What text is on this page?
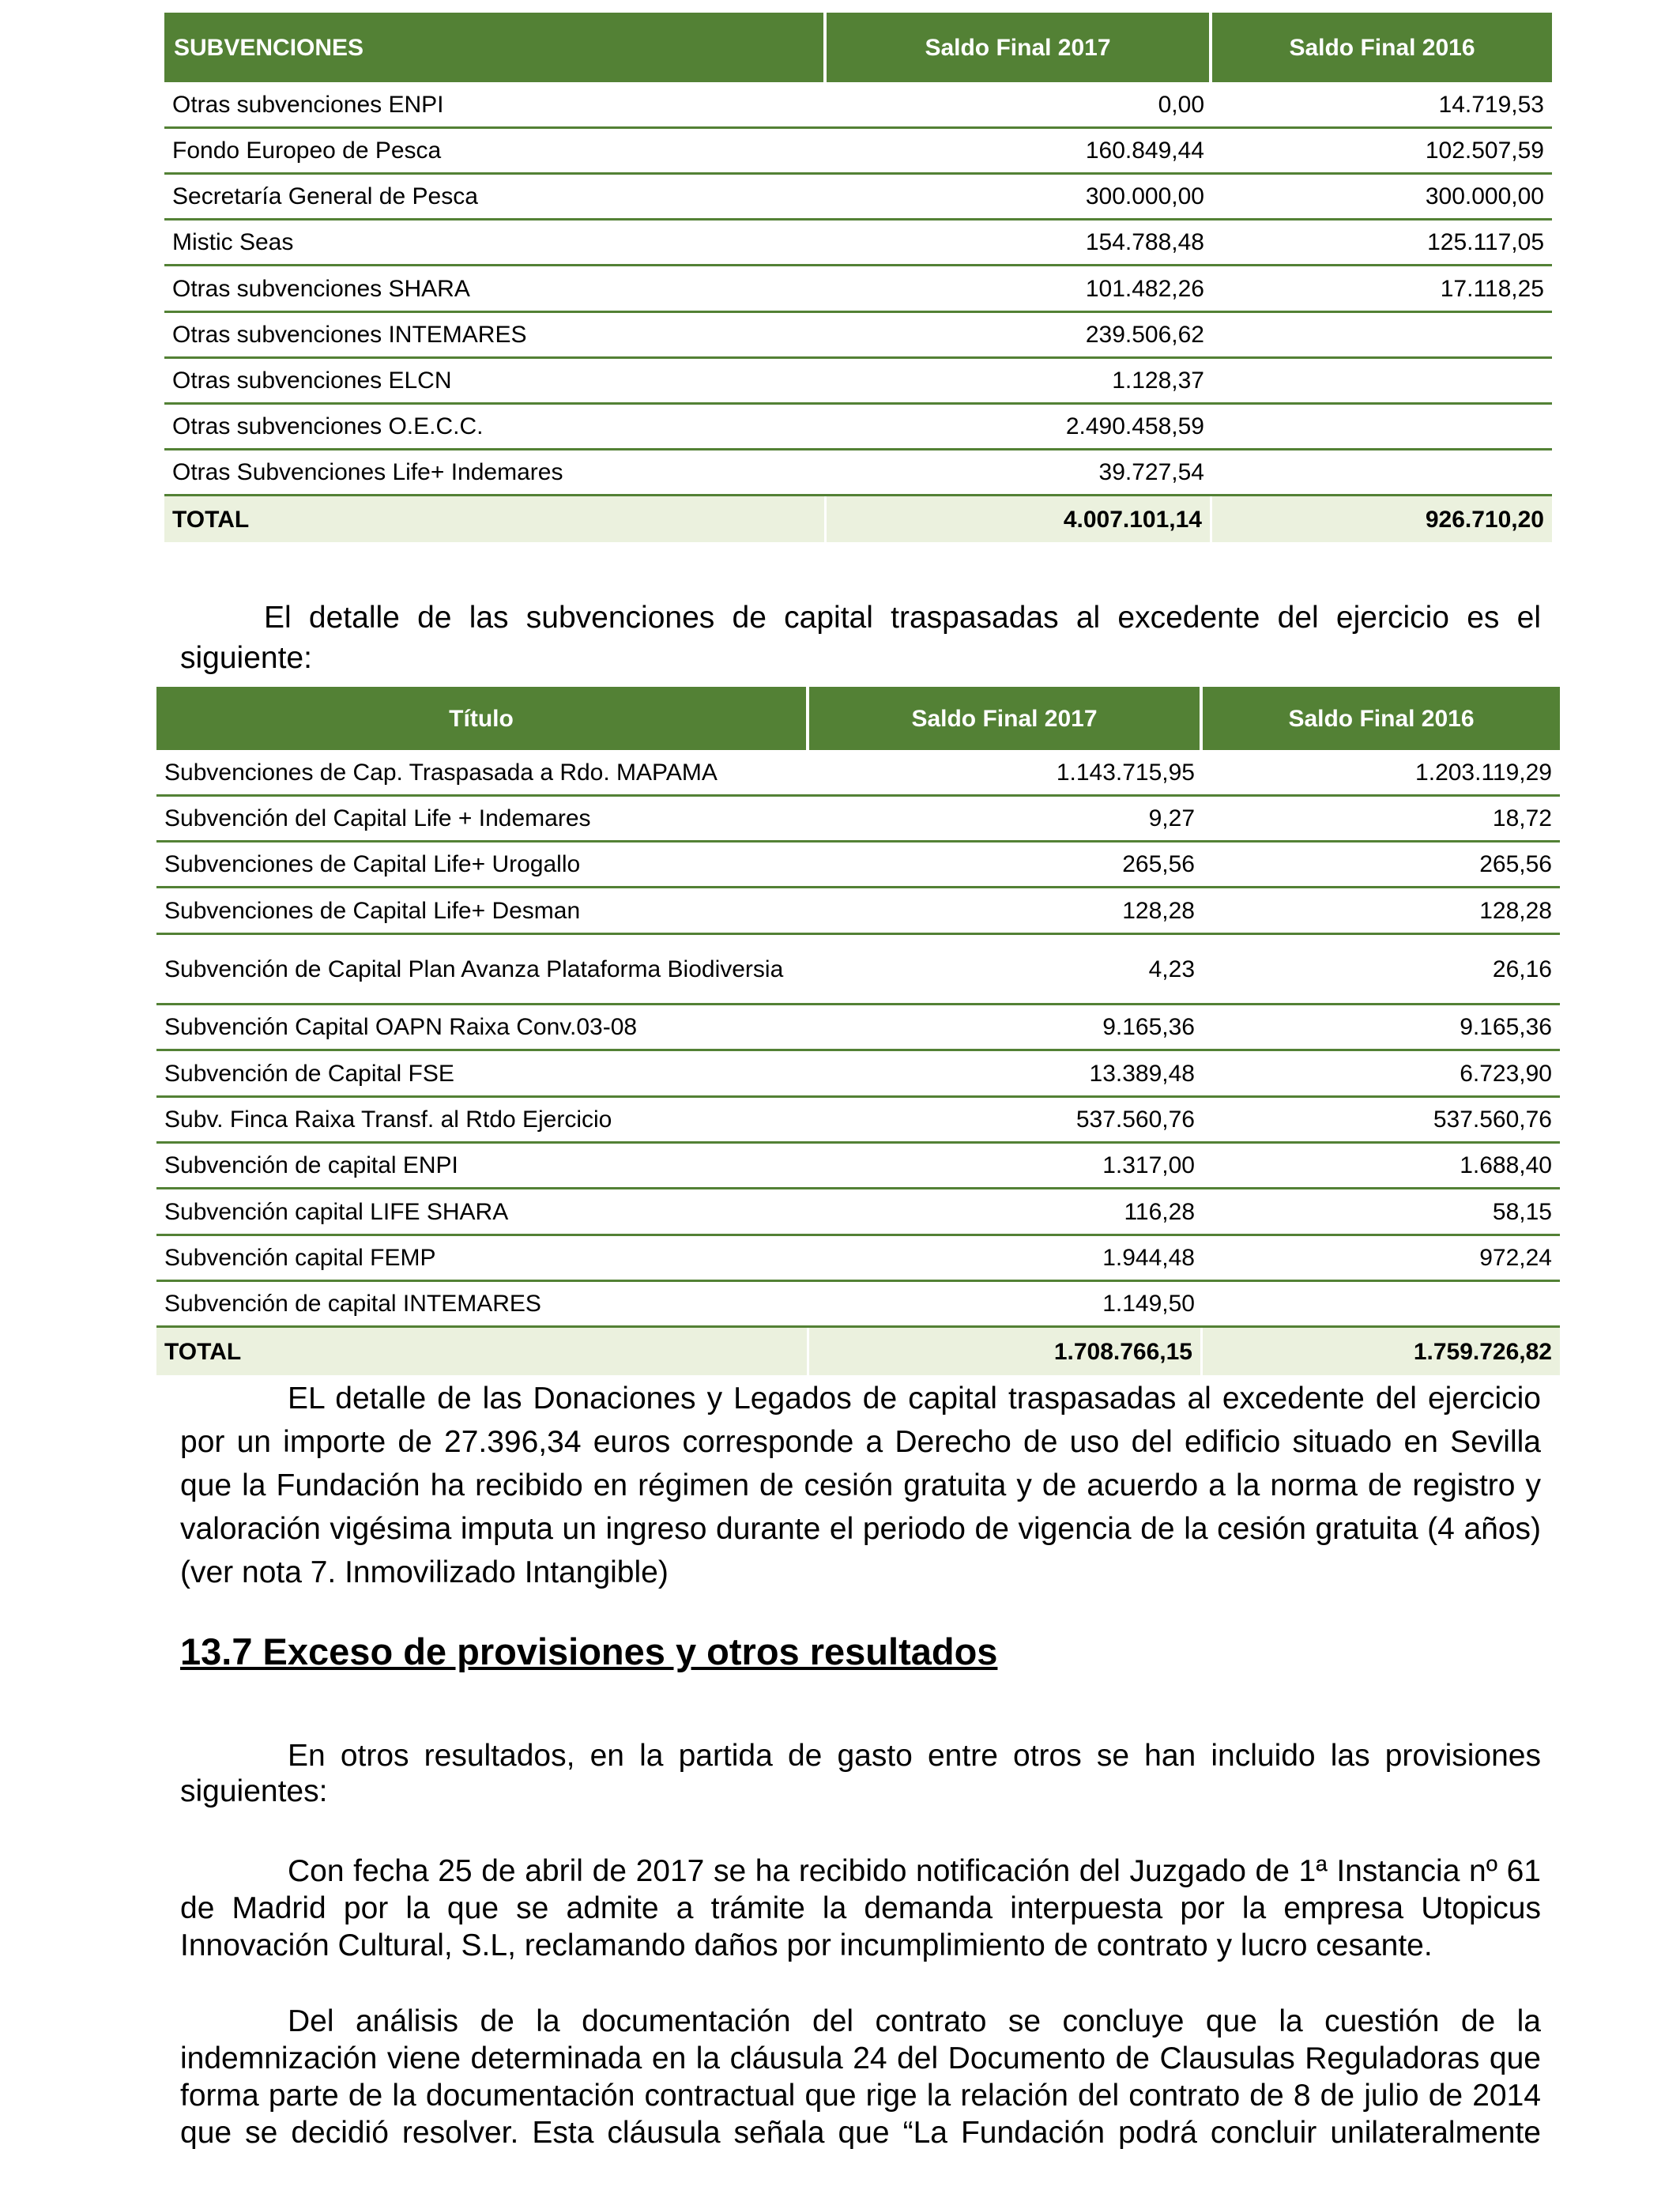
SUBVENCIONES	Saldo Final 2017	Saldo Final 2016
Otras subvenciones ENPI	0,00	14.719,53
Fondo Europeo de Pesca	160.849,44	102.507,59
Secretaría General de Pesca	300.000,00	300.000,00
Mistic Seas	154.788,48	125.117,05
Otras subvenciones SHARA	101.482,26	17.118,25
Otras subvenciones INTEMARES	239.506,62	
Otras subvenciones ELCN	1.128,37	
Otras subvenciones O.E.C.C.	2.490.458,59	
Otras Subvenciones Life+ Indemares	39.727,54	
TOTAL	4.007.101,14	926.710,20

El detalle de las subvenciones de capital traspasadas al excedente del ejercicio es el siguiente:

Título	Saldo Final 2017	Saldo Final 2016
Subvenciones de Cap. Traspasada a Rdo. MAPAMA	1.143.715,95	1.203.119,29
Subvención del Capital Life + Indemares	9,27	18,72
Subvenciones de Capital Life+ Urogallo	265,56	265,56
Subvenciones de Capital Life+ Desman	128,28	128,28
Subvención de Capital Plan Avanza Plataforma Biodiversia	4,23	26,16
Subvención Capital OAPN Raixa Conv.03-08	9.165,36	9.165,36
Subvención de Capital FSE	13.389,48	6.723,90
Subv. Finca Raixa Transf. al Rtdo Ejercicio	537.560,76	537.560,76
Subvención de capital ENPI	1.317,00	1.688,40
Subvención capital LIFE SHARA	116,28	58,15
Subvención capital FEMP	1.944,48	972,24
Subvención de capital INTEMARES	1.149,50	
TOTAL	1.708.766,15	1.759.726,82

EL detalle de las Donaciones y Legados de capital traspasadas al excedente del ejercicio por un importe de 27.396,34 euros corresponde a Derecho de uso del edificio situado en Sevilla que la Fundación ha recibido en régimen de cesión gratuita y de acuerdo a la norma de registro y valoración vigésima imputa un ingreso durante el periodo de vigencia de la cesión gratuita (4 años) (ver nota 7. Inmovilizado Intangible)

13.7 Exceso de provisiones y otros resultados

En otros resultados, en la partida de gasto entre otros se han incluido las provisiones siguientes:

Con fecha 25 de abril de 2017 se ha recibido notificación del Juzgado de 1ª Instancia nº 61 de Madrid por la que se admite a trámite la demanda interpuesta por la empresa Utopicus Innovación Cultural, S.L, reclamando daños por incumplimiento de contrato y lucro cesante.

Del análisis de la documentación del contrato se concluye que la cuestión de la indemnización viene determinada en la cláusula 24 del Documento de Clausulas Reguladoras que forma parte de la documentación contractual que rige la relación del contrato de 8 de julio de 2014 que se decidió resolver. Esta cláusula señala que “La Fundación podrá concluir unilateralmente
